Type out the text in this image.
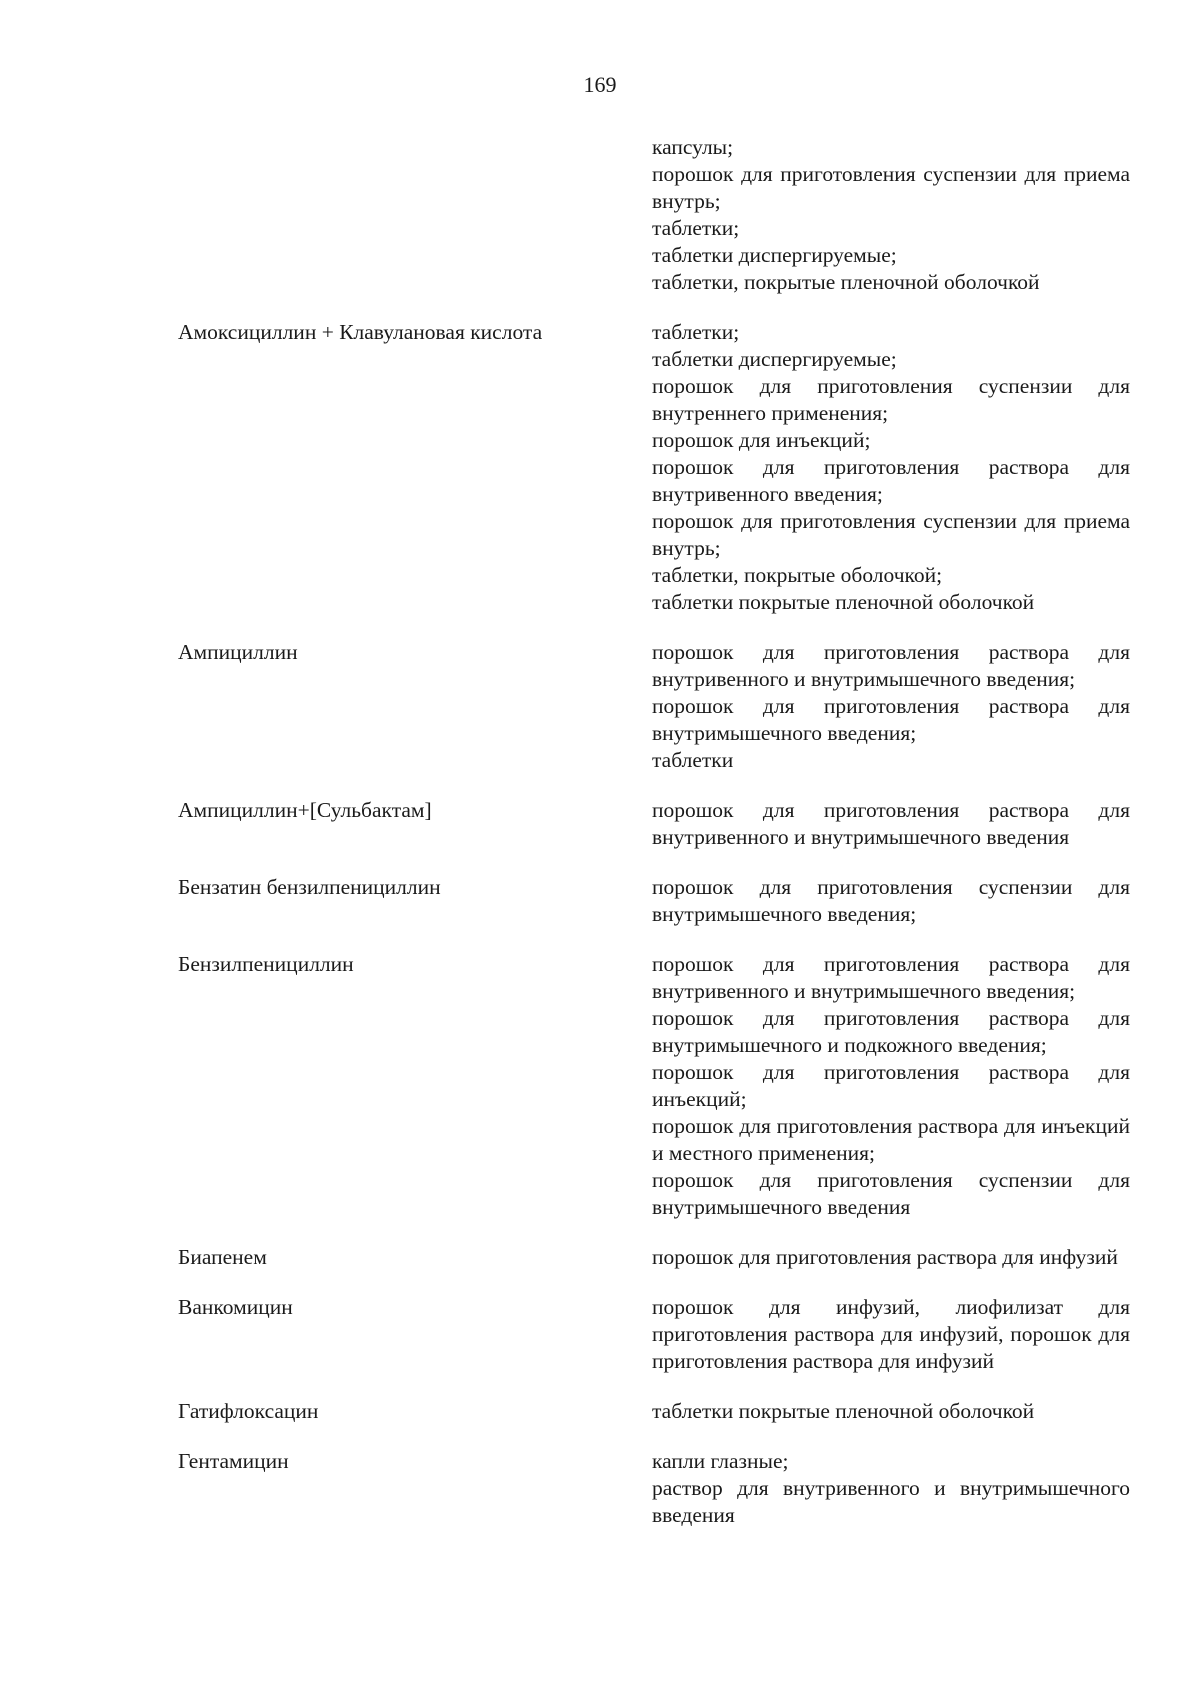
169
капсулы;
порошок для приготовления суспензии для приема внутрь;
таблетки;
таблетки диспергируемые;
таблетки, покрытые пленочной оболочкой
Амоксициллин + Клавулановая кислота	таблетки;
таблетки диспергируемые;
порошок для приготовления суспензии для внутреннего применения;
порошок для инъекций;
порошок для приготовления раствора для внутривенного введения;
порошок для приготовления суспензии для приема внутрь;
таблетки, покрытые оболочкой;
таблетки покрытые пленочной оболочкой
Ампициллин	порошок для приготовления раствора для внутривенного и внутримышечного введения;
порошок для приготовления раствора для внутримышечного введения;
таблетки
Ампициллин+[Сульбактам]	порошок для приготовления раствора для внутривенного и внутримышечного введения
Бензатин бензилпенициллин	порошок для приготовления суспензии для внутримышечного введения;
Бензилпенициллин	порошок для приготовления раствора для внутривенного и внутримышечного введения;
порошок для приготовления раствора для внутримышечного и подкожного введения;
порошок для приготовления раствора для инъекций;
порошок для приготовления раствора для инъекций и местного применения;
порошок для приготовления суспензии для внутримышечного введения
Биапенем	порошок для приготовления раствора для инфузий
Ванкомицин	порошок для инфузий, лиофилизат для приготовления раствора для инфузий, порошок для приготовления раствора для инфузий
Гатифлоксацин	таблетки покрытые пленочной оболочкой
Гентамицин	капли глазные;
раствор для внутривенного и внутримышечного введения
